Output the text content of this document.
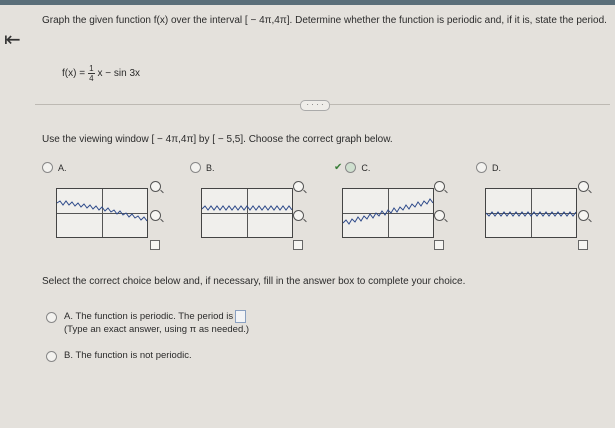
⇤
Graph the given function f(x) over the interval [ − 4π,4π]. Determine whether the function is periodic and, if it is, state the period.
$f(x) = \frac{1}{4}$ x − sin 3x
· · · ·
Use the viewing window [ − 4π,4π] by [ − 5,5]. Choose the correct graph below.
A.	B.	✔ C.	D.
Select the correct choice below and, if necessary, fill in the answer box to complete your choice.
A. The function is periodic. The period is
(Type an exact answer, using π as needed.)
B. The function is not periodic.
